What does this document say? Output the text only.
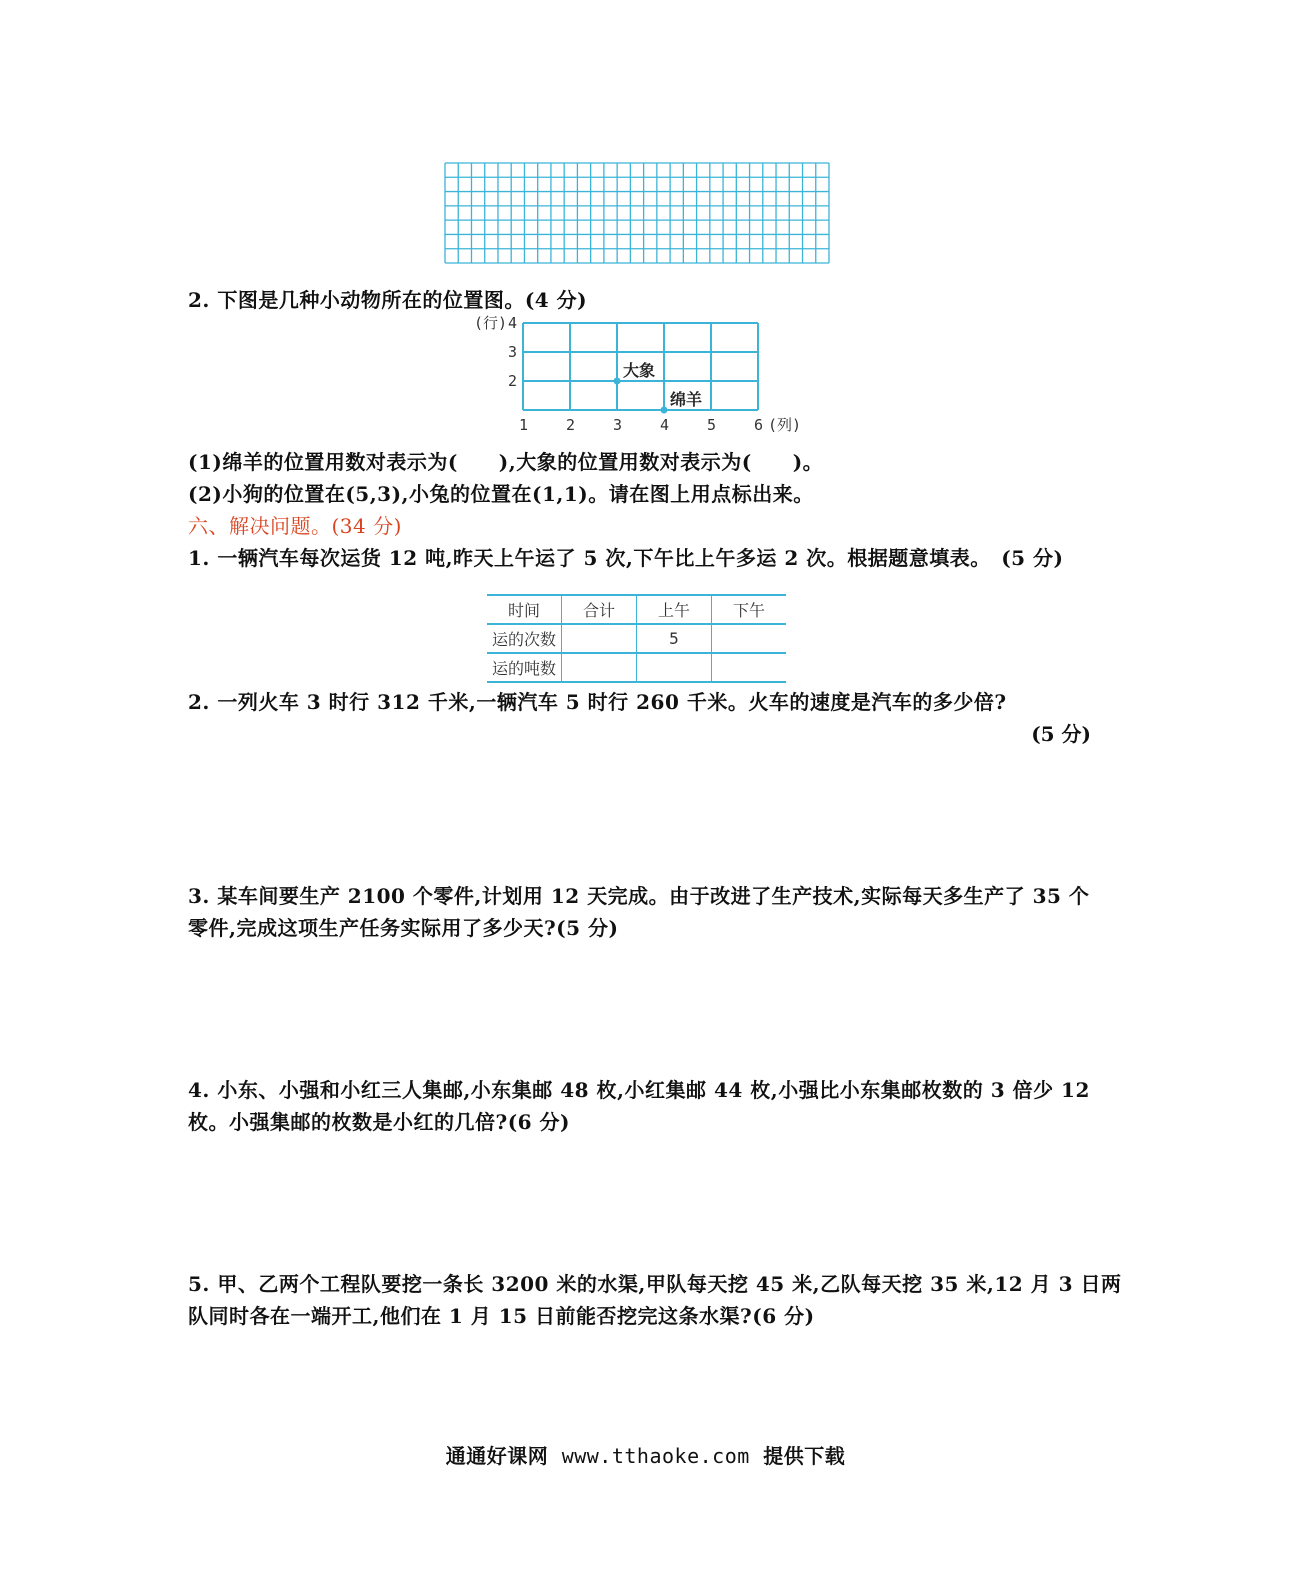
2. 下图是几种小动物所在的位置图。(4 分)
(行)
(列)
1	2	3	4	5	6
2
3
4
大象
绵羊
(1)绵羊的位置用数对表示为(　　),大象的位置用数对表示为(　　)。
(2)小狗的位置在(5,3),小兔的位置在(1,1)。请在图上用点标出来。
六、解决问题。(34 分)
1. 一辆汽车每次运货 12 吨,昨天上午运了 5 次,下午比上午多运 2 次。根据题意填表。　(5 分)
时间	合计	上午	下午
运的次数		5	
运的吨数			
2. 一列火车 3 时行 312 千米,一辆汽车 5 时行 260 千米。火车的速度是汽车的多少倍?
(5 分)
3. 某车间要生产 2100 个零件,计划用 12 天完成。由于改进了生产技术,实际每天多生产了 35 个
零件,完成这项生产任务实际用了多少天?(5 分)
4. 小东、小强和小红三人集邮,小东集邮 48 枚,小红集邮 44 枚,小强比小东集邮枚数的 3 倍少 12
枚。小强集邮的枚数是小红的几倍?(6 分)
5. 甲、乙两个工程队要挖一条长 3200 米的水渠,甲队每天挖 45 米,乙队每天挖 35 米,12 月 3 日两
队同时各在一端开工,他们在 1 月 15 日前能否挖完这条水渠?(6 分)
通通好课网 www.tthaoke.com 提供下载
